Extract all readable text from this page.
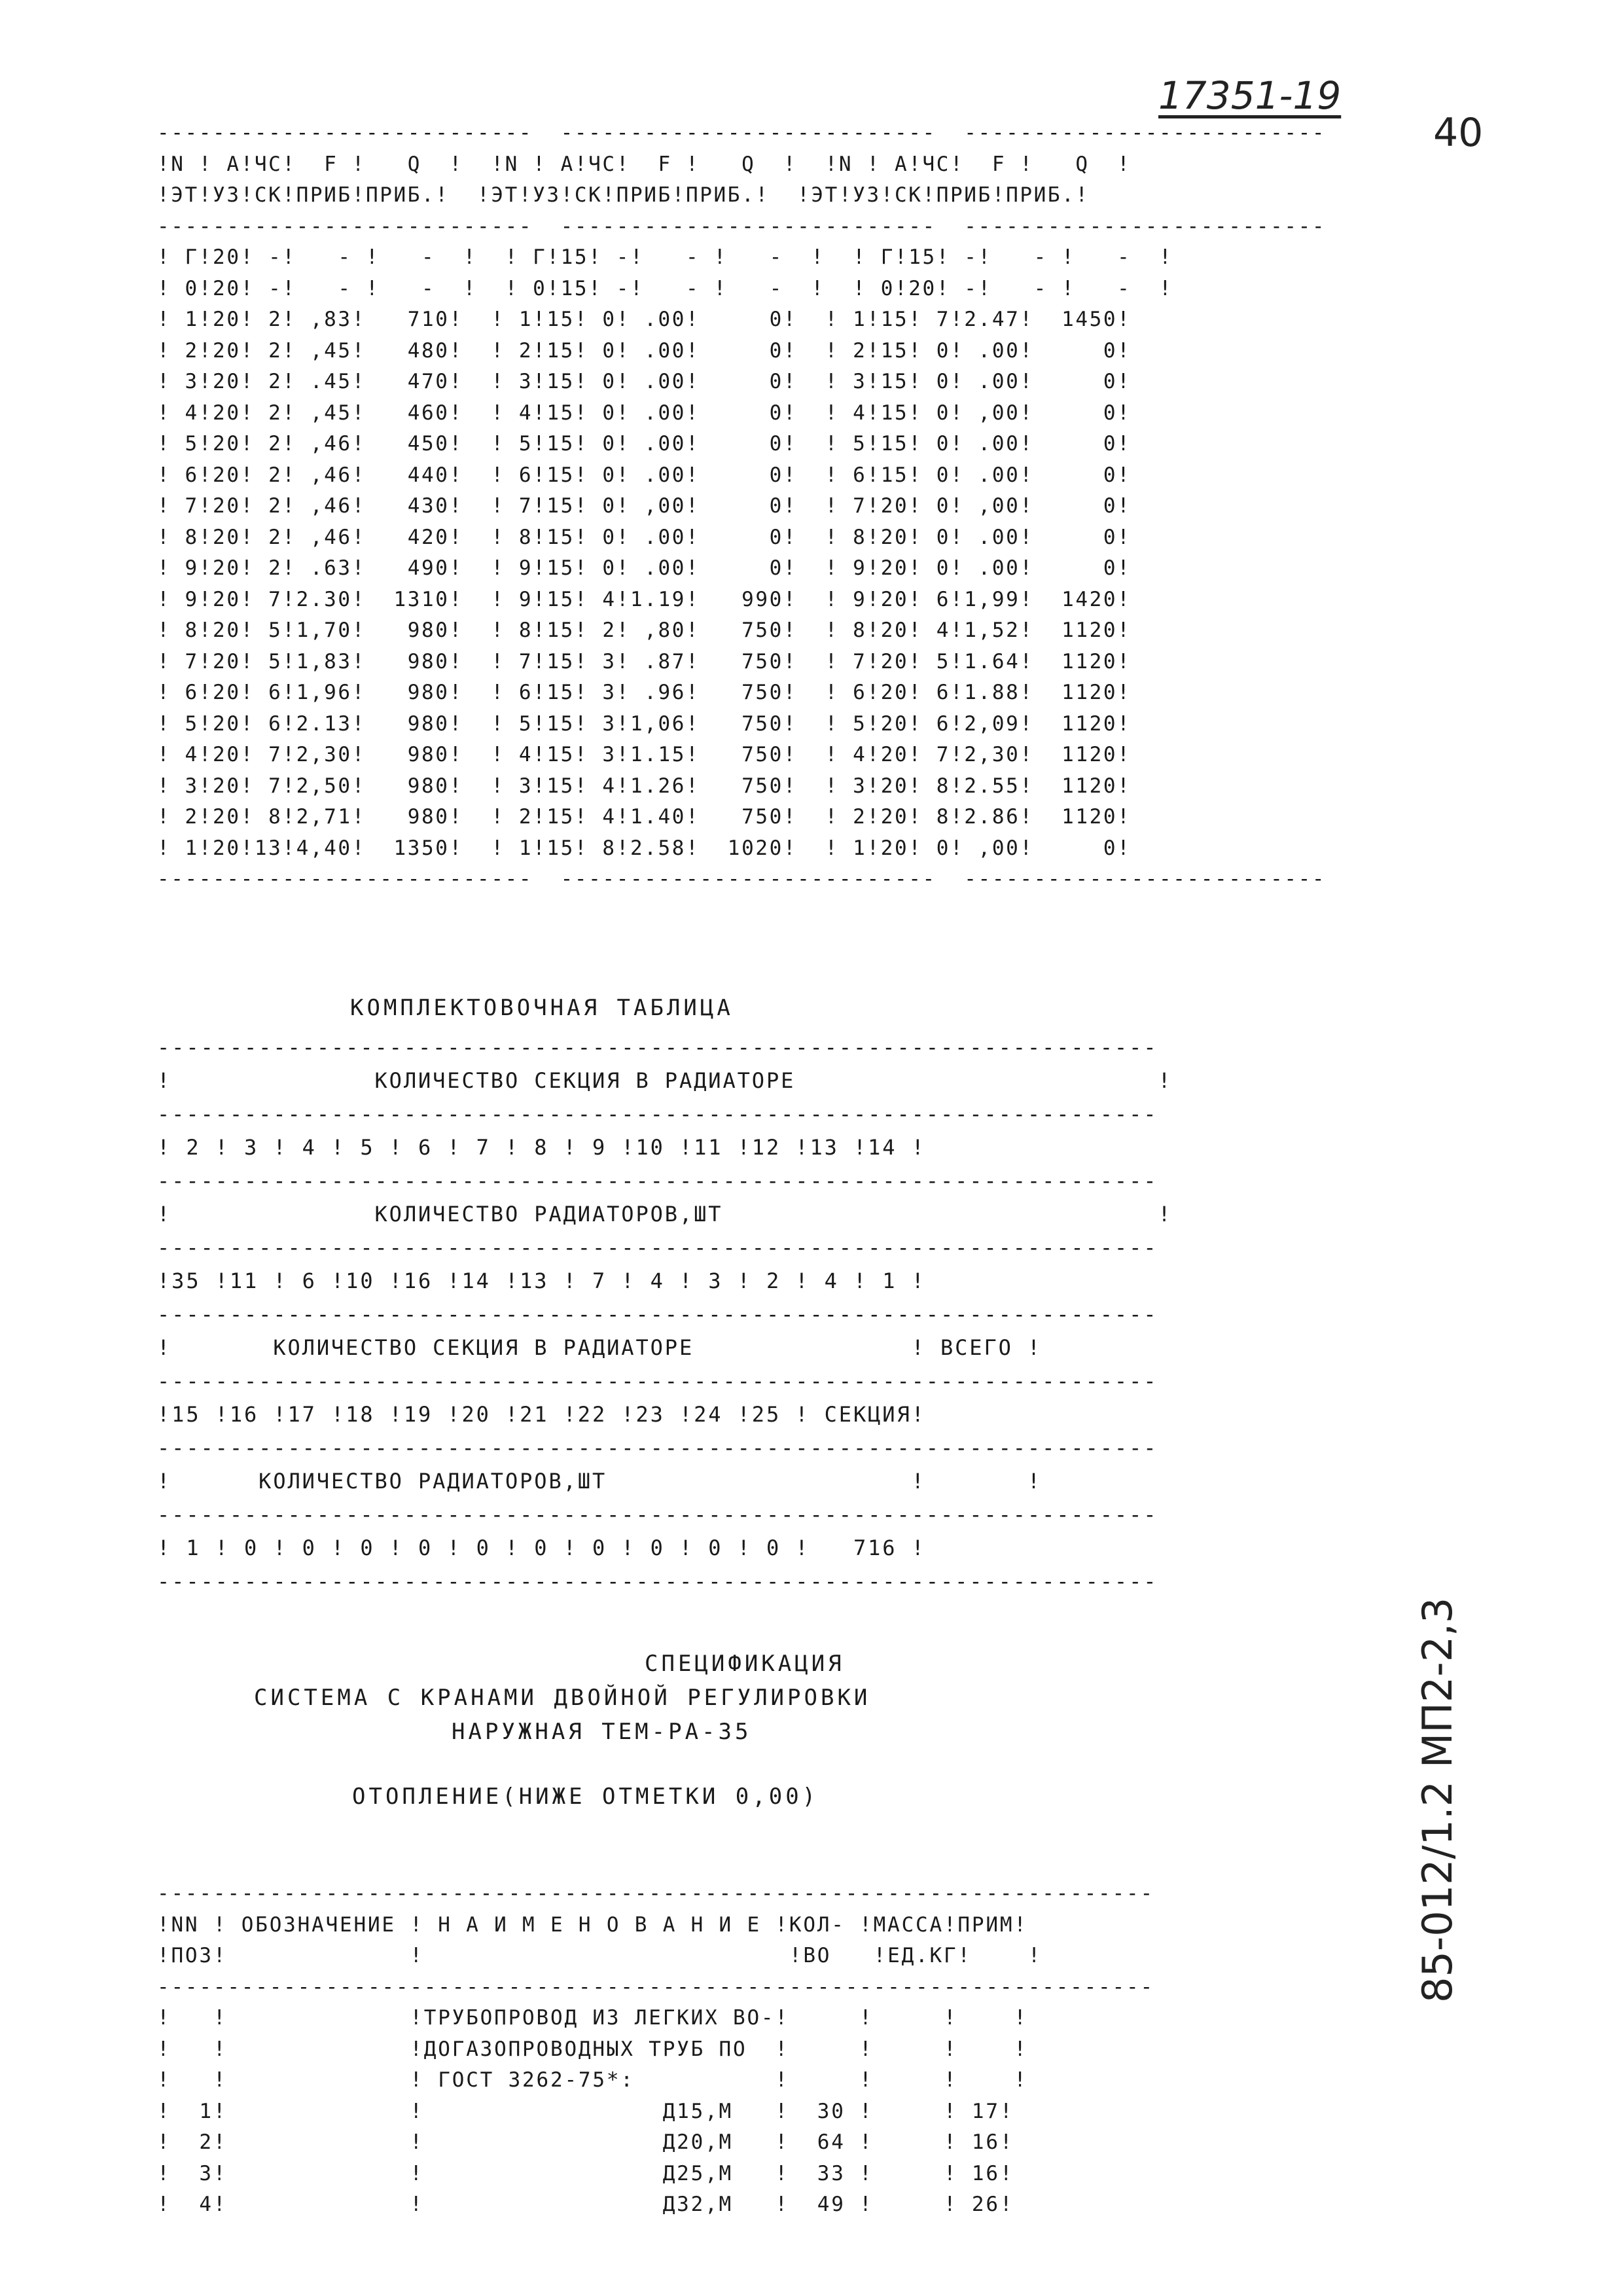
17351-19
40
---------------------------  ---------------------------  --------------------------
!N ! A!ЧС!  F !   Q  !  !N ! A!ЧС!  F !   Q  !  !N ! A!ЧС!  F !   Q  !
!ЭТ!УЗ!СК!ПРИБ!ПРИБ.!  !ЭТ!УЗ!СК!ПРИБ!ПРИБ.!  !ЭТ!УЗ!СК!ПРИБ!ПРИБ.!
---------------------------  ---------------------------  --------------------------
! Г!20! -!   - !   -  !  ! Г!15! -!   - !   -  !  ! Г!15! -!   - !   -  !
! 0!20! -!   - !   -  !  ! 0!15! -!   - !   -  !  ! 0!20! -!   - !   -  !
! 1!20! 2! ,83!   710!  ! 1!15! 0! .00!     0!  ! 1!15! 7!2.47!  1450!
! 2!20! 2! ,45!   480!  ! 2!15! 0! .00!     0!  ! 2!15! 0! .00!     0!
! 3!20! 2! .45!   470!  ! 3!15! 0! .00!     0!  ! 3!15! 0! .00!     0!
! 4!20! 2! ,45!   460!  ! 4!15! 0! .00!     0!  ! 4!15! 0! ,00!     0!
! 5!20! 2! ,46!   450!  ! 5!15! 0! .00!     0!  ! 5!15! 0! .00!     0!
! 6!20! 2! ,46!   440!  ! 6!15! 0! .00!     0!  ! 6!15! 0! .00!     0!
! 7!20! 2! ,46!   430!  ! 7!15! 0! ,00!     0!  ! 7!20! 0! ,00!     0!
! 8!20! 2! ,46!   420!  ! 8!15! 0! .00!     0!  ! 8!20! 0! .00!     0!
! 9!20! 2! .63!   490!  ! 9!15! 0! .00!     0!  ! 9!20! 0! .00!     0!
! 9!20! 7!2.30!  1310!  ! 9!15! 4!1.19!   990!  ! 9!20! 6!1,99!  1420!
! 8!20! 5!1,70!   980!  ! 8!15! 2! ,80!   750!  ! 8!20! 4!1,52!  1120!
! 7!20! 5!1,83!   980!  ! 7!15! 3! .87!   750!  ! 7!20! 5!1.64!  1120!
! 6!20! 6!1,96!   980!  ! 6!15! 3! .96!   750!  ! 6!20! 6!1.88!  1120!
! 5!20! 6!2.13!   980!  ! 5!15! 3!1,06!   750!  ! 5!20! 6!2,09!  1120!
! 4!20! 7!2,30!   980!  ! 4!15! 3!1.15!   750!  ! 4!20! 7!2,30!  1120!
! 3!20! 7!2,50!   980!  ! 3!15! 4!1.26!   750!  ! 3!20! 8!2.55!  1120!
! 2!20! 8!2,71!   980!  ! 2!15! 4!1.40!   750!  ! 2!20! 8!2.86!  1120!
! 1!20!13!4,40!  1350!  ! 1!15! 8!2.58!  1020!  ! 1!20! 0! ,00!     0!
---------------------------  ---------------------------  --------------------------
КОМПЛЕКТОВОЧНАЯ ТАБЛИЦА
---------------------------------------------------------------------
!              КОЛИЧЕСТВО СЕКЦИЯ В РАДИАТОРЕ                         !
---------------------------------------------------------------------
! 2 ! 3 ! 4 ! 5 ! 6 ! 7 ! 8 ! 9 !10 !11 !12 !13 !14 !
---------------------------------------------------------------------
!              КОЛИЧЕСТВО РАДИАТОРОВ,ШТ                              !
---------------------------------------------------------------------
!35 !11 ! 6 !10 !16 !14 !13 ! 7 ! 4 ! 3 ! 2 ! 4 ! 1 !
---------------------------------------------------------------------
!       КОЛИЧЕСТВО СЕКЦИЯ В РАДИАТОРЕ               ! ВСЕГО !
---------------------------------------------------------------------
!15 !16 !17 !18 !19 !20 !21 !22 !23 !24 !25 ! СЕКЦИЯ!
---------------------------------------------------------------------
!      КОЛИЧЕСТВО РАДИАТОРОВ,ШТ                     !       !
---------------------------------------------------------------------
! 1 ! 0 ! 0 ! 0 ! 0 ! 0 ! 0 ! 0 ! 0 ! 0 ! 0 !   716 !
---------------------------------------------------------------------
СПЕЦИФИКАЦИЯ
СИСТЕМА С КРАНАМИ ДВОЙНОЙ РЕГУЛИРОВКИ
НАРУЖНАЯ ТЕМ-РА-35
ОТОПЛЕНИЕ(НИЖЕ ОТМЕТКИ 0,00)
-----------------------------------------------------------------------
!NN ! ОБОЗНАЧЕНИЕ ! Н А И М Е Н О В А Н И Е !КОЛ- !МАССА!ПРИМ!
!ПОЗ!             !                          !ВО   !ЕД.КГ!    !
-----------------------------------------------------------------------
!   !             !ТРУБОПРОВОД ИЗ ЛЕГКИХ ВО-!     !     !    !
!   !             !ДОГАЗОПРОВОДНЫХ ТРУБ ПО  !     !     !    !
!   !             ! ГОСТ 3262-75*:          !     !     !    !
!  1!             !                 Д15,М   !  30 !     ! 17!
!  2!             !                 Д20,М   !  64 !     ! 16!
!  3!             !                 Д25,М   !  33 !     ! 16!
!  4!             !                 Д32,М   !  49 !     ! 26!
85-012/1.2 МП2-2,3
